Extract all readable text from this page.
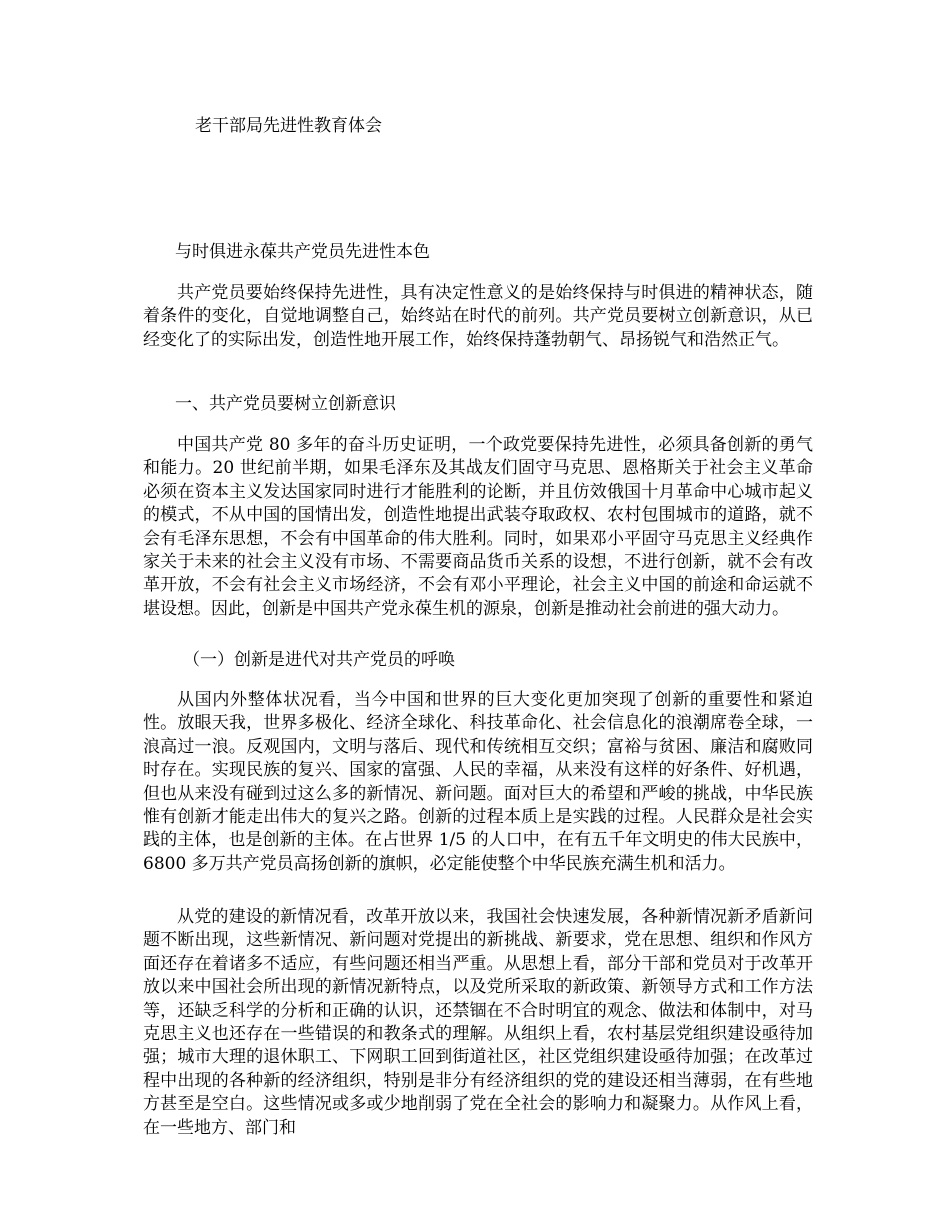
老干部局先进性教育体会
与时俱进永葆共产党员先进性本色

共产党员要始终保持先进性，具有决定性意义的是始终保持与时俱进的精神状态，随着条件的变化，自觉地调整自己，始终站在时代的前列。共产党员要树立创新意识，从已经变化了的实际出发，创造性地开展工作，始终保持蓬勃朝气、昂扬锐气和浩然正气。

一、共产党员要树立创新意识

中国共产党 80 多年的奋斗历史证明，一个政党要保持先进性，必须具备创新的勇气和能力。20 世纪前半期，如果毛泽东及其战友们固守马克思、恩格斯关于社会主义革命必须在资本主义发达国家同时进行才能胜利的论断，并且仿效俄国十月革命中心城市起义的模式，不从中国的国情出发，创造性地提出武装夺取政权、农村包围城市的道路，就不会有毛泽东思想，不会有中国革命的伟大胜利。同时，如果邓小平固守马克思主义经典作家关于未来的社会主义没有市场、不需要商品货币关系的设想，不进行创新，就不会有改革开放，不会有社会主义市场经济，不会有邓小平理论，社会主义中国的前途和命运就不堪设想。因此，创新是中国共产党永葆生机的源泉，创新是推动社会前进的强大动力。

（一）创新是进代对共产党员的呼唤

从国内外整体状况看，当今中国和世界的巨大变化更加突现了创新的重要性和紧迫性。放眼天我，世界多极化、经济全球化、科技革命化、社会信息化的浪潮席卷全球，一浪高过一浪。反观国内，文明与落后、现代和传统相互交织；富裕与贫困、廉洁和腐败同时存在。实现民族的复兴、国家的富强、人民的幸福，从来没有这样的好条件、好机遇，但也从来没有碰到过这么多的新情况、新问题。面对巨大的希望和严峻的挑战，中华民族惟有创新才能走出伟大的复兴之路。创新的过程本质上是实践的过程。人民群众是社会实践的主体，也是创新的主体。在占世界 1/5 的人口中，在有五千年文明史的伟大民族中，6800 多万共产党员高扬创新的旗帜，必定能使整个中华民族充满生机和活力。

从党的建设的新情况看，改革开放以来，我国社会快速发展，各种新情况新矛盾新问题不断出现，这些新情况、新问题对党提出的新挑战、新要求，党在思想、组织和作风方面还存在着诸多不适应，有些问题还相当严重。从思想上看，部分干部和党员对于改革开放以来中国社会所出现的新情况新特点，以及党所采取的新政策、新领导方式和工作方法等，还缺乏科学的分析和正确的认识，还禁锢在不合时明宜的观念、做法和体制中，对马克思主义也还存在一些错误的和教条式的理解。从组织上看，农村基层党组织建设亟待加强；城市大理的退休职工、下网职工回到街道社区，社区党组织建设亟待加强；在改革过程中出现的各种新的经济组织，特别是非分有经济组织的党的建设还相当薄弱，在有些地方甚至是空白。这些情况或多或少地削弱了党在全社会的影响力和凝聚力。从作风上看，在一些地方、部门和
